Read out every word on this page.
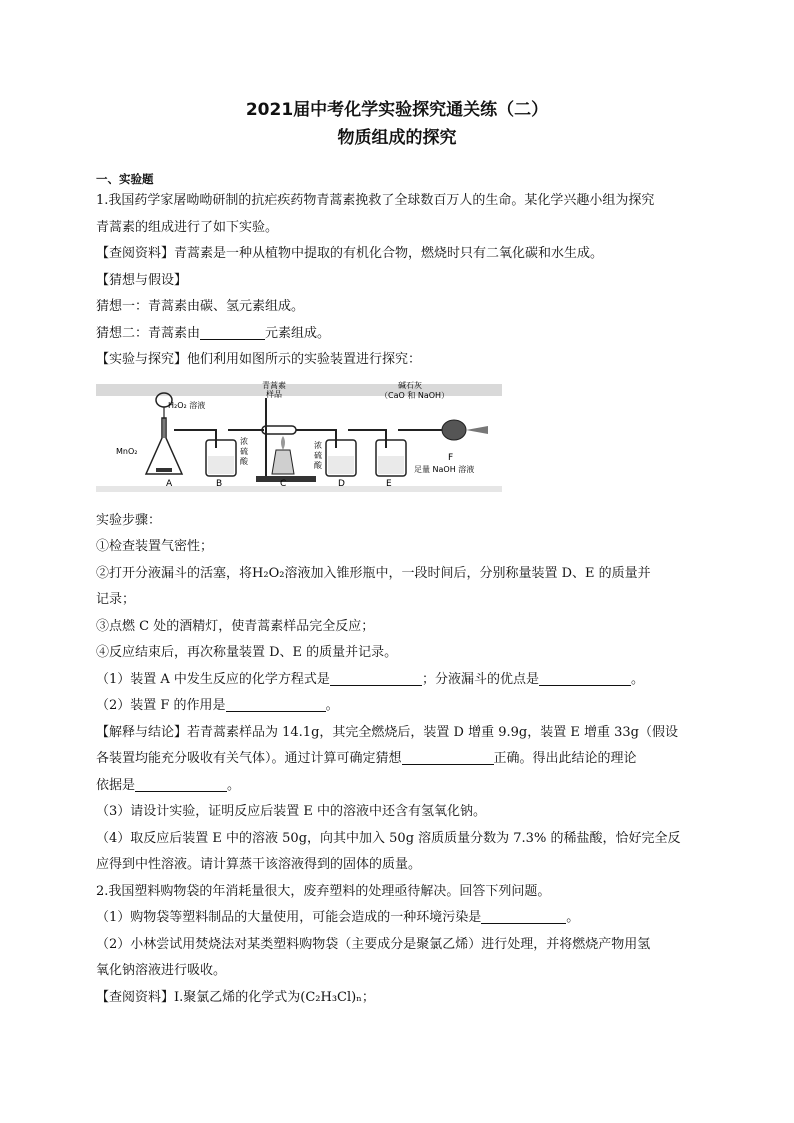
2021届中考化学实验探究通关练（二）
物质组成的探究

一、实验题

1.我国药学家屠呦呦研制的抗疟疾药物青蒿素挽救了全球数百万人的生命。某化学兴趣小组为探究

青蒿素的组成进行了如下实验。

【查阅资料】青蒿素是一种从植物中提取的有机化合物，燃烧时只有二氧化碳和水生成。

【猜想与假设】

猜想一：青蒿素由碳、氢元素组成。

猜想二：青蒿素由	元素组成。

【实验与探究】他们利用如图所示的实验装置进行探究：

H₂O₂ 溶液
青蒿素
样品
碱石灰
（CaO 和 NaOH）
MnO₂
浓
硫
酸
浓
硫
酸	足量 NaOH 溶液
A	B	C	D	E
F

实验步骤：

①检查装置气密性；

②打开分液漏斗的活塞，将H₂O₂溶液加入锥形瓶中，一段时间后，分别称量装置 D、E 的质量并

记录；

③点燃 C 处的酒精灯，使青蒿素样品完全反应；

④反应结束后，再次称量装置 D、E 的质量并记录。

（1）装置 A 中发生反应的化学方程式是	；分液漏斗的优点是	。

（2）装置 F 的作用是	。

【解释与结论】若青蒿素样品为 14.1g，其完全燃烧后，装置 D 增重 9.9g，装置 E 增重 33g（假设

各装置均能充分吸收有关气体）。通过计算可确定猜想	正确。得出此结论的理论

依据是	。

（3）请设计实验，证明反应后装置 E 中的溶液中还含有氢氧化钠。

（4）取反应后装置 E 中的溶液 50g，向其中加入 50g 溶质质量分数为 7.3% 的稀盐酸，恰好完全反

应得到中性溶液。请计算蒸干该溶液得到的固体的质量。

2.我国塑料购物袋的年消耗量很大，废弃塑料的处理亟待解决。回答下列问题。

（1）购物袋等塑料制品的大量使用，可能会造成的一种环境污染是	。

（2）小林尝试用焚烧法对某类塑料购物袋（主要成分是聚氯乙烯）进行处理，并将燃烧产物用氢

氧化钠溶液进行吸收。

【查阅资料】Ⅰ.聚氯乙烯的化学式为(C₂H₃Cl)ₙ；
